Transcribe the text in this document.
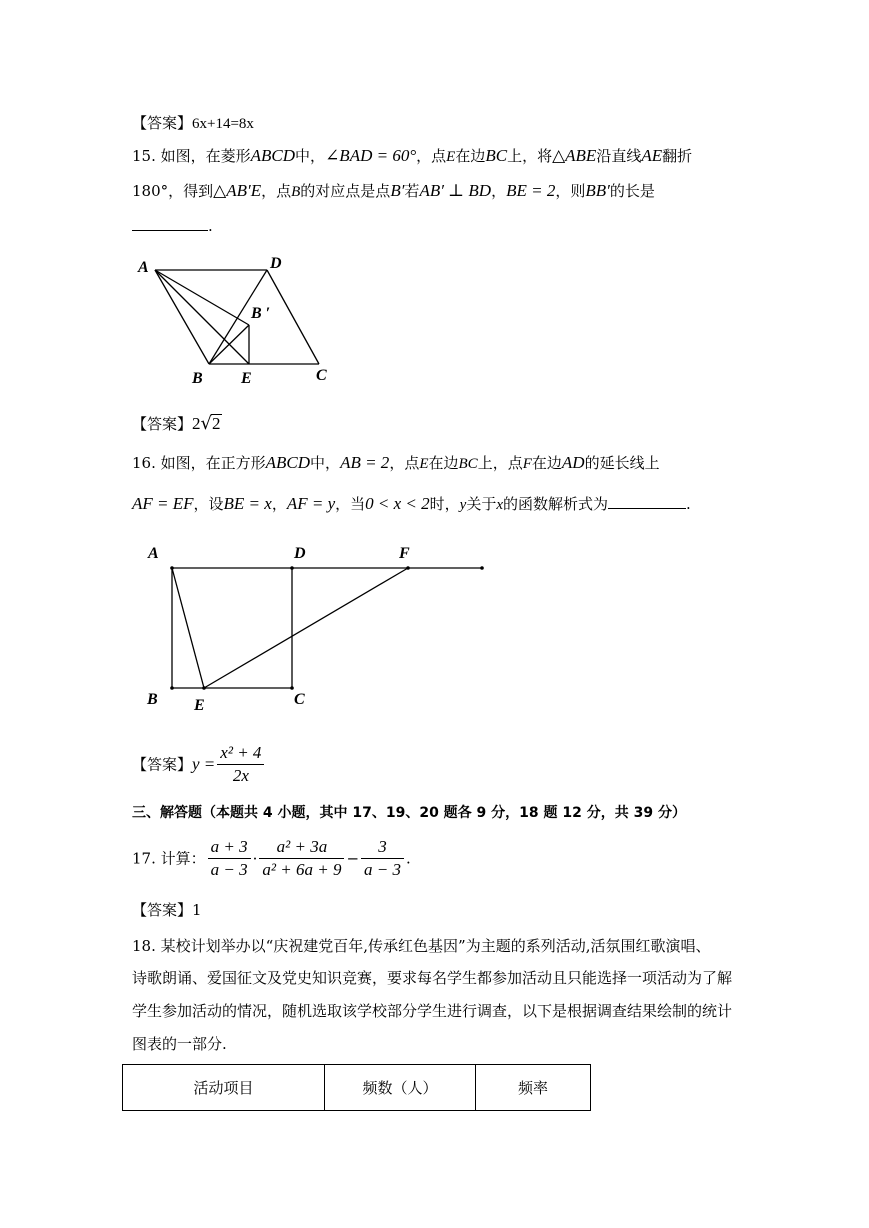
【答案】6x+14=8x
15. 如图，在菱形ABCD中，∠BAD = 60°，点E在边BC上，将△ABE沿直线AE翻折
180°，得到△AB′E，点B的对应点是点B′若AB′ ⊥ BD，BE = 2，则BB′的长是
.
A	D
B ′
B E	C
【答案】2√2
16. 如图，在正方形ABCD中，AB = 2，点E在边BC上，点F在边AD的延长线上
AF = EF，设BE = x，AF = y，当0 < x < 2时，y关于x的函数解析式为	.
A	D	F
B E	C
【答案】$y = \frac{\text{x² + 4}}{2x}$
三、解答题（本题共 4 小题，其中 17、19、20 题各 9 分，18 题 12 分，共 39 分）
17. 计算： $\frac{a + 3}{a - 3} \cdot \frac{\text{a² + 3a}}{\text{a² + 6a + 9}} - \frac{3}{a - 3}$ .
【答案】1
18. 某校计划举办以“庆祝建党百年,传承红色基因”为主题的系列活动,活氛围红歌演唱、
诗歌朗诵、爱国征文及党史知识竞赛，要求每名学生都参加活动且只能选择一项活动为了解
学生参加活动的情况，随机选取该学校部分学生进行调查，以下是根据调查结果绘制的统计
图表的一部分.
活动项目	频数（人）	频率
